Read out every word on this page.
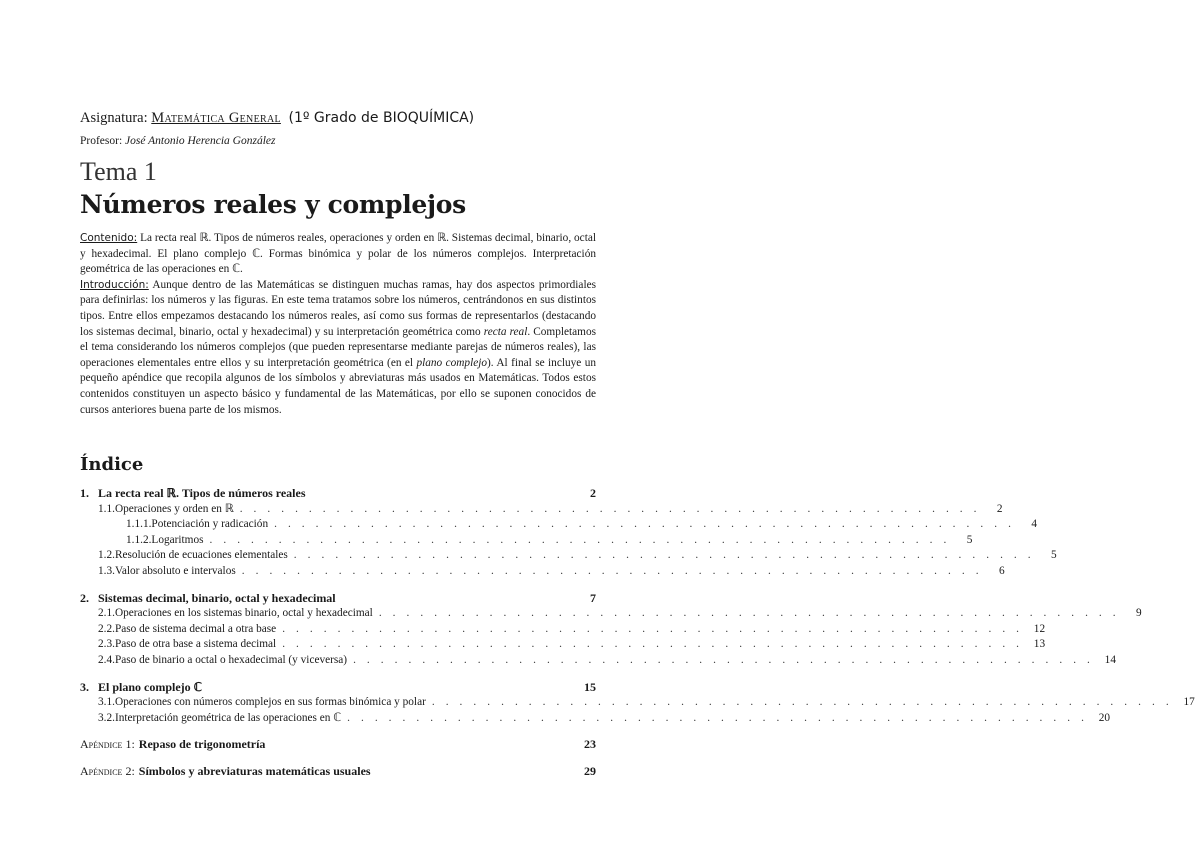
Asignatura: Matemática General (1º Grado de BIOQUÍMICA)
Profesor: José Antonio Herencia González
Tema 1
Números reales y complejos

Contenido: La recta real ℝ. Tipos de números reales, operaciones y orden en ℝ. Sistemas decimal, binario, octal y hexadecimal. El plano complejo ℂ. Formas binómica y polar de los números complejos. Interpretación geométrica de las operaciones en ℂ.

Introducción: Aunque dentro de las Matemáticas se distinguen muchas ramas, hay dos aspectos primordiales para definirlas: los números y las figuras. En este tema tratamos sobre los números, centrándonos en sus distintos tipos. Entre ellos empezamos destacando los números reales, así como sus formas de representarlos (destacando los sistemas decimal, binario, octal y hexadecimal) y su interpretación geométrica como recta real. Completamos el tema considerando los números complejos (que pueden representarse mediante parejas de números reales), las operaciones elementales entre ellos y su interpretación geométrica (en el plano complejo). Al final se incluye un pequeño apéndice que recopila algunos de los símbolos y abreviaturas más usados en Matemáticas. Todos estos contenidos constituyen un aspecto básico y fundamental de las Matemáticas, por ello se suponen conocidos de cursos anteriores buena parte de los mismos.

Índice
1. La recta real ℝ. Tipos de números reales	2
1.1. Operaciones y orden en ℝ . . . . . . . . . . . . . . . . . . . . . . . . . . . . . . . . . . . . . . . . . . . . . . . . . . . . . .	2
1.1.1. Potenciación y radicación . . . . . . . . . . . . . . . . . . . . . . . . . . . . . . . . . . . . . . . . . . . . . . . . . . . . . .	4
1.1.2. Logaritmos . . . . . . . . . . . . . . . . . . . . . . . . . . . . . . . . . . . . . . . . . . . . . . . . . . . . . .	5
1.2. Resolución de ecuaciones elementales . . . . . . . . . . . . . . . . . . . . . . . . . . . . . . . . . . . . . . . . . . . . . . . . . . . . . .	5
1.3. Valor absoluto e intervalos . . . . . . . . . . . . . . . . . . . . . . . . . . . . . . . . . . . . . . . . . . . . . . . . . . . . . .	6
2. Sistemas decimal, binario, octal y hexadecimal	7
2.1. Operaciones en los sistemas binario, octal y hexadecimal . . . . . . . . . . . . . . . . . . . . . . . . . . . . . . . . . . . . . . . . . . . . . . . . . . . . . .	9
2.2. Paso de sistema decimal a otra base . . . . . . . . . . . . . . . . . . . . . . . . . . . . . . . . . . . . . . . . . . . . . . . . . . . . . . 12
2.3. Paso de otra base a sistema decimal . . . . . . . . . . . . . . . . . . . . . . . . . . . . . . . . . . . . . . . . . . . . . . . . . . . . . . 13
2.4. Paso de binario a octal o hexadecimal (y viceversa) . . . . . . . . . . . . . . . . . . . . . . . . . . . . . . . . . . . . . . . . . . . . . . . . . . . . . . 14
3. El plano complejo ℂ	15
3.1. Operaciones con números complejos en sus formas binómica y polar . . . . . . . . . . . . . . . . . . . . . . . . . . . . . . . . . . . . . . . . . . . . . . . . . . . . . . 17
3.2. Interpretación geométrica de las operaciones en ℂ . . . . . . . . . . . . . . . . . . . . . . . . . . . . . . . . . . . . . . . . . . . . . . . . . . . . . . 20
Apéndice 1: Repaso de trigonometría	23
Apéndice 2: Símbolos y abreviaturas matemáticas usuales	29
